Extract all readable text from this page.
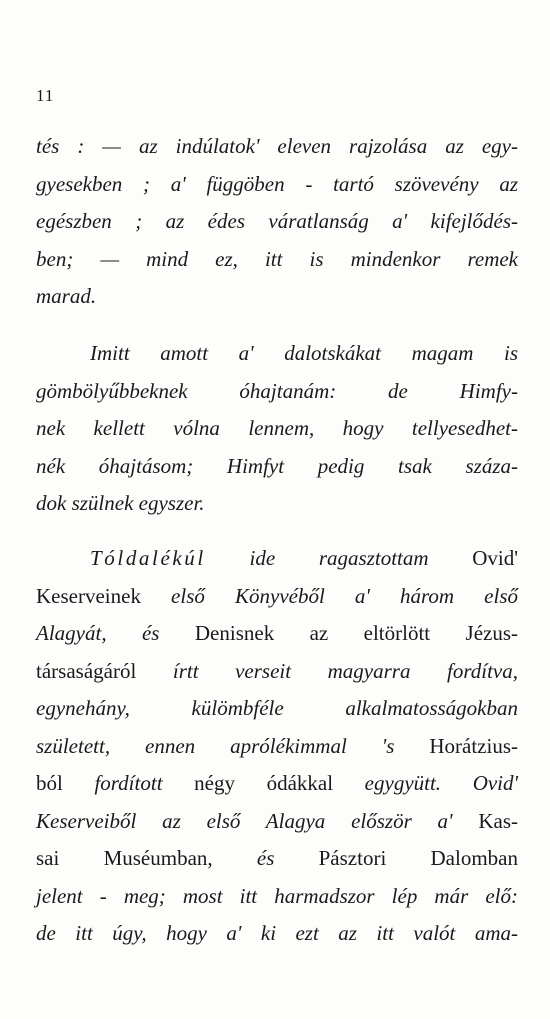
11
tés : — az indúlatok' eleven rajzolása az egy-
gyesekben ; a' függöben - tartó szövevény az
egészben ; az édes váratlanság a' kifejlődés-
ben; — mind ez, itt is mindenkor remek
marad.
Imitt amott a' dalotskákat magam is
gömbölyűbbeknek óhajtanám: de Himfy-
nek kellett vólna lennem, hogy tellyesedhet-
nék óhajtásom; Himfyt pedig tsak száza-
dok szülnek egyszer.
Tóldalékúl ide ragasztottam Ovid'
Keserveinek első Könyvéből a' három első
Alagyát, és Denisnek az eltörlött Jézus-
társaságáról írtt verseit magyarra fordítva,
egynehány, külömbféle alkalmatosságokban
született, ennen aprólékimmal 's Horátzius-
ból fordított négy ódákkal egygyütt. Ovid'
Keserveiből az első Alagya először a' Kas-
sai Muséumban, és Pásztori Dalomban
jelent - meg; most itt harmadszor lép már elő:
de itt úgy, hogy a' ki ezt az itt valót ama-
